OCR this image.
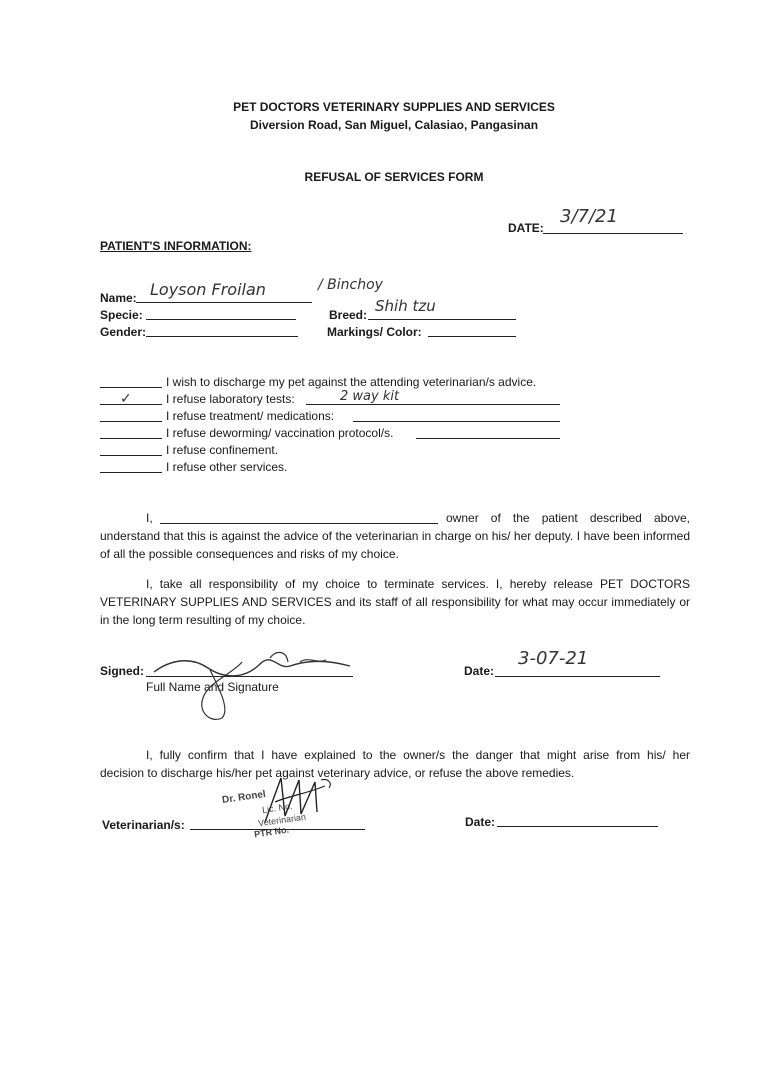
PET DOCTORS VETERINARY SUPPLIES AND SERVICES
Diversion Road, San Miguel, Calasiao, Pangasinan
REFUSAL OF SERVICES FORM
DATE:
3/7/21
PATIENT'S INFORMATION:
Name: Loyson Froilan	/ Binchoy
Specie:	Breed: Shih tzu
Gender:	Markings/ Color:
I wish to discharge my pet against the attending veterinarian/s advice.
✓	I refuse laboratory tests:	2 way kit
I refuse treatment/ medications:
I refuse deworming/ vaccination protocol/s.
I refuse confinement.
I refuse other services.
I,	owner of the patient described above,
understand that this is against the advice of the veterinarian in charge on his/ her deputy. I have been informed of all the possible consequences and risks of my choice.
I, take all responsibility of my choice to terminate services. I, hereby release PET DOCTORS
VETERINARY SUPPLIES AND SERVICES and its staff of all responsibility for what may occur immediately or
in the long term resulting of my choice.
Signed:
Full Name and Signature
Date:
3-07-21
I, fully confirm that I have explained to the owner/s the danger that might arise from his/ her
decision to discharge his/her pet against veterinary advice, or refuse the above remedies.
Dr. Ronel
Lic. No.
Veterinarian
PTR No.
Veterinarian/s:	Date:
